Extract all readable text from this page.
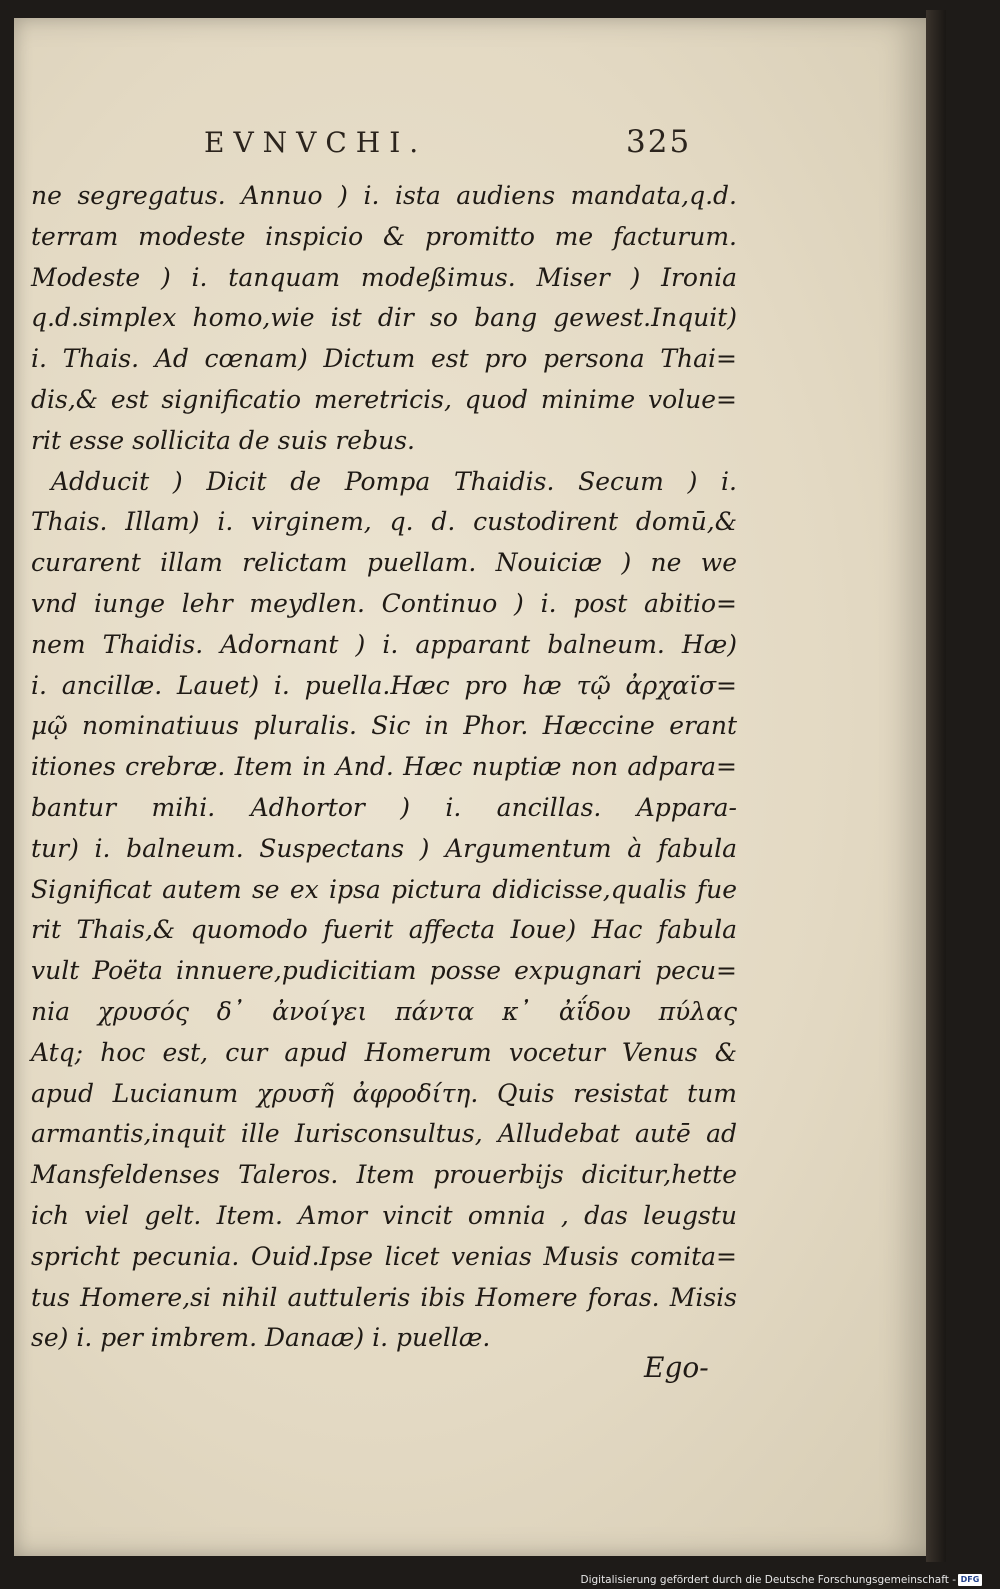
EVNVCHI.	325
ne segregatus. Annuo ) i. ista audiens mandata,q.d.
terram modeste inspicio & promitto me facturum.
Modeste ) i. tanquam modeßimus. Miser ) Ironia
q.d.simplex homo,wie ist dir so bang gewest.Inquit)
i. Thais. Ad cœnam) Dictum est pro persona Thai=
dis,& est significatio meretricis, quod minime volue=
rit esse sollicita de suis rebus.
Adducit ) Dicit de Pompa Thaidis. Secum ) i.
Thais. Illam) i. virginem, q. d. custodirent domū,&
curarent illam relictam puellam. Nouiciæ ) ne we
vnd iunge lehr meydlen. Continuo ) i. post abitio=
nem Thaidis. Adornant ) i. apparant balneum. Hæ)
i. ancillæ. Lauet) i. puella.Hæc pro hæ τῷ ἀρχαϊσ=
μῷ nominatiuus pluralis. Sic in Phor. Hæccine erant
itiones crebræ. Item in And. Hæc nuptiæ non adpara=
bantur mihi. Adhortor ) i. ancillas. Appara-
tur) i. balneum. Suspectans ) Argumentum à fabula
Significat autem se ex ipsa pictura didicisse,qualis fue
rit Thais,& quomodo fuerit affecta Ioue) Hac fabula
vult Poëta innuere,pudicitiam posse expugnari pecu=
nia χρυσός δ᾽ ἀνοίγει πάντα κ᾽ ἀΐδου πύλας
Atq; hoc est, cur apud Homerum vocetur Venus &
apud Lucianum χρυσῆ ἀφροδίτη. Quis resistat tum
armantis,inquit ille Iurisconsultus, Alludebat autē ad
Mansfeldenses Taleros. Item prouerbijs dicitur,hette
ich viel gelt. Item. Amor vincit omnia , das leugstu
spricht pecunia. Ouid.Ipse licet venias Musis comita=
tus Homere,si nihil auttuleris ibis Homere foras. Misis
se) i. per imbrem. Danaæ) i. puellæ.
Ego-
Digitalisierung gefördert durch die Deutsche Forschungsgemeinschaft - DFG
